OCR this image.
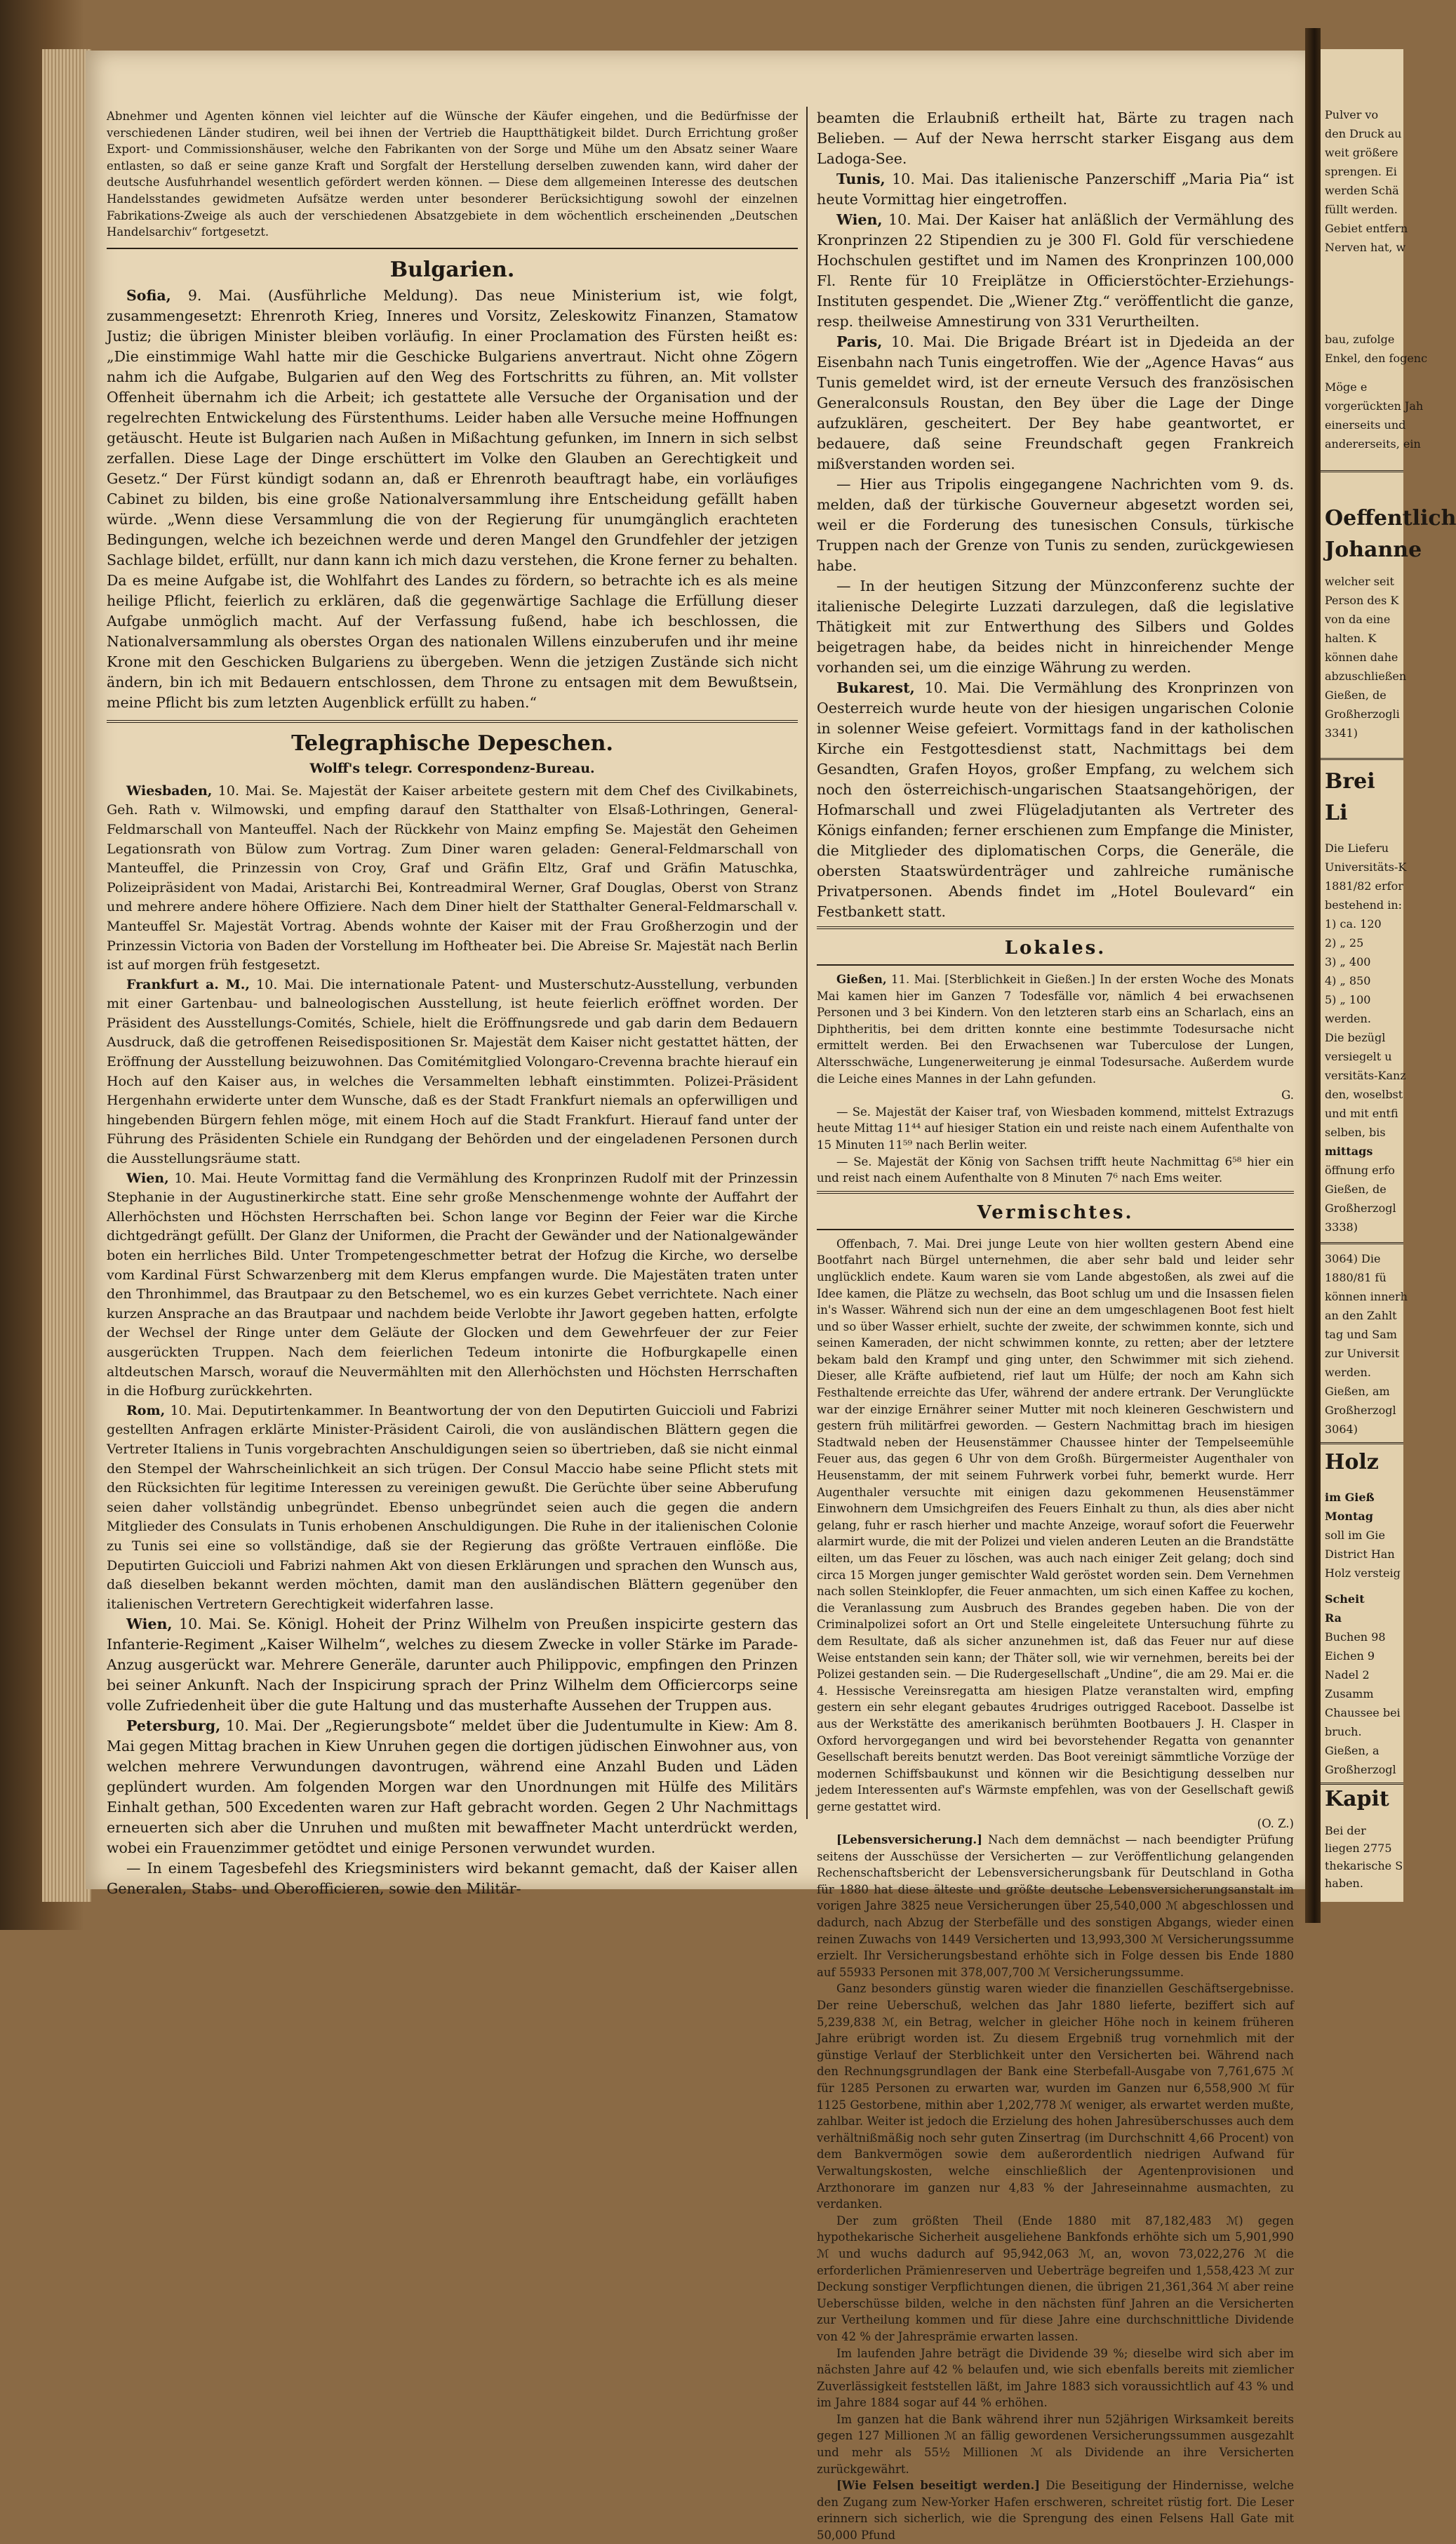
Abnehmer und Agenten können viel leichter auf die Wünsche der Käufer eingehen, und die Bedürfnisse der verschiedenen Länder studiren, weil bei ihnen der Vertrieb die Hauptthätigkeit bildet. Durch Errichtung großer Export- und Commissionshäuser, welche den Fabrikanten von der Sorge und Mühe um den Absatz seiner Waare entlasten, so daß er seine ganze Kraft und Sorgfalt der Herstellung derselben zuwenden kann, wird daher der deutsche Ausfuhrhandel wesentlich gefördert werden können. — Diese dem allgemeinen Interesse des deutschen Handelsstandes gewidmeten Aufsätze werden unter besonderer Berücksichtigung sowohl der einzelnen Fabrikations-Zweige als auch der verschiedenen Absatzgebiete in dem wöchentlich erscheinenden „Deutschen Handelsarchiv“ fortgesetzt.

Bulgarien.

Sofia, 9. Mai. (Ausführliche Meldung). Das neue Ministerium ist, wie folgt, zusammengesetzt: Ehrenroth Krieg, Inneres und Vorsitz, Zeleskowitz Finanzen, Stamatow Justiz; die übrigen Minister bleiben vorläufig. In einer Proclamation des Fürsten heißt es: „Die einstimmige Wahl hatte mir die Geschicke Bulgariens anvertraut. Nicht ohne Zögern nahm ich die Aufgabe, Bulgarien auf den Weg des Fortschritts zu führen, an. Mit vollster Offenheit übernahm ich die Arbeit; ich gestattete alle Versuche der Organisation und der regelrechten Entwickelung des Fürstenthums. Leider haben alle Versuche meine Hoffnungen getäuscht. Heute ist Bulgarien nach Außen in Mißachtung gefunken, im Innern in sich selbst zerfallen. Diese Lage der Dinge erschüttert im Volke den Glauben an Gerechtigkeit und Gesetz.“ Der Fürst kündigt sodann an, daß er Ehrenroth beauftragt habe, ein vorläufiges Cabinet zu bilden, bis eine große Nationalversammlung ihre Entscheidung gefällt haben würde. „Wenn diese Versammlung die von der Regierung für unumgänglich erachteten Bedingungen, welche ich bezeichnen werde und deren Mangel den Grundfehler der jetzigen Sachlage bildet, erfüllt, nur dann kann ich mich dazu verstehen, die Krone ferner zu behalten. Da es meine Aufgabe ist, die Wohlfahrt des Landes zu fördern, so betrachte ich es als meine heilige Pflicht, feierlich zu erklären, daß die gegenwärtige Sachlage die Erfüllung dieser Aufgabe unmöglich macht. Auf der Verfassung fußend, habe ich beschlossen, die Nationalversammlung als oberstes Organ des nationalen Willens einzuberufen und ihr meine Krone mit den Geschicken Bulgariens zu übergeben. Wenn die jetzigen Zustände sich nicht ändern, bin ich mit Bedauern entschlossen, dem Throne zu entsagen mit dem Bewußtsein, meine Pflicht bis zum letzten Augenblick erfüllt zu haben.“

Telegraphische Depeschen.
Wolff's telegr. Correspondenz-Bureau.

Wiesbaden, 10. Mai. Se. Majestät der Kaiser arbeitete gestern mit dem Chef des Civilkabinets, Geh. Rath v. Wilmowski, und empfing darauf den Statthalter von Elsaß-Lothringen, General-Feldmarschall von Manteuffel. Nach der Rückkehr von Mainz empfing Se. Majestät den Geheimen Legationsrath von Bülow zum Vortrag. Zum Diner waren geladen: General-Feldmarschall von Manteuffel, die Prinzessin von Croy, Graf und Gräfin Eltz, Graf und Gräfin Matuschka, Polizeipräsident von Madai, Aristarchi Bei, Kontreadmiral Werner, Graf Douglas, Oberst von Stranz und mehrere andere höhere Offiziere. Nach dem Diner hielt der Statthalter General-Feldmarschall v. Manteuffel Sr. Majestät Vortrag. Abends wohnte der Kaiser mit der Frau Großherzogin und der Prinzessin Victoria von Baden der Vorstellung im Hoftheater bei. Die Abreise Sr. Majestät nach Berlin ist auf morgen früh festgesetzt.

Frankfurt a. M., 10. Mai. Die internationale Patent- und Musterschutz-Ausstellung, verbunden mit einer Gartenbau- und balneologischen Ausstellung, ist heute feierlich eröffnet worden. Der Präsident des Ausstellungs-Comités, Schiele, hielt die Eröffnungsrede und gab darin dem Bedauern Ausdruck, daß die getroffenen Reisedispositionen Sr. Majestät dem Kaiser nicht gestattet hätten, der Eröffnung der Ausstellung beizuwohnen. Das Comitémitglied Volongaro-Crevenna brachte hierauf ein Hoch auf den Kaiser aus, in welches die Versammelten lebhaft einstimmten. Polizei-Präsident Hergenhahn erwiderte unter dem Wunsche, daß es der Stadt Frankfurt niemals an opferwilligen und hingebenden Bürgern fehlen möge, mit einem Hoch auf die Stadt Frankfurt. Hierauf fand unter der Führung des Präsidenten Schiele ein Rundgang der Behörden und der eingeladenen Personen durch die Ausstellungsräume statt.

Wien, 10. Mai. Heute Vormittag fand die Vermählung des Kronprinzen Rudolf mit der Prinzessin Stephanie in der Augustinerkirche statt. Eine sehr große Menschenmenge wohnte der Auffahrt der Allerhöchsten und Höchsten Herrschaften bei. Schon lange vor Beginn der Feier war die Kirche dichtgedrängt gefüllt. Der Glanz der Uniformen, die Pracht der Gewänder und der Nationalgewänder boten ein herrliches Bild. Unter Trompetengeschmetter betrat der Hofzug die Kirche, wo derselbe vom Kardinal Fürst Schwarzenberg mit dem Klerus empfangen wurde. Die Majestäten traten unter den Thronhimmel, das Brautpaar zu den Betschemel, wo es ein kurzes Gebet verrichtete. Nach einer kurzen Ansprache an das Brautpaar und nachdem beide Verlobte ihr Jawort gegeben hatten, erfolgte der Wechsel der Ringe unter dem Geläute der Glocken und dem Gewehrfeuer der zur Feier ausgerückten Truppen. Nach dem feierlichen Tedeum intonirte die Hofburgkapelle einen altdeutschen Marsch, worauf die Neuvermählten mit den Allerhöchsten und Höchsten Herrschaften in die Hofburg zurückkehrten.

Rom, 10. Mai. Deputirtenkammer. In Beantwortung der von den Deputirten Guiccioli und Fabrizi gestellten Anfragen erklärte Minister-Präsident Cairoli, die von ausländischen Blättern gegen die Vertreter Italiens in Tunis vorgebrachten Anschuldigungen seien so übertrieben, daß sie nicht einmal den Stempel der Wahrscheinlichkeit an sich trügen. Der Consul Maccio habe seine Pflicht stets mit den Rücksichten für legitime Interessen zu vereinigen gewußt. Die Gerüchte über seine Abberufung seien daher vollständig unbegründet. Ebenso unbegründet seien auch die gegen die andern Mitglieder des Consulats in Tunis erhobenen Anschuldigungen. Die Ruhe in der italienischen Colonie zu Tunis sei eine so vollständige, daß sie der Regierung das größte Vertrauen einflöße. Die Deputirten Guiccioli und Fabrizi nahmen Akt von diesen Erklärungen und sprachen den Wunsch aus, daß dieselben bekannt werden möchten, damit man den ausländischen Blättern gegenüber den italienischen Vertretern Gerechtigkeit widerfahren lasse.

Wien, 10. Mai. Se. Königl. Hoheit der Prinz Wilhelm von Preußen inspicirte gestern das Infanterie-Regiment „Kaiser Wilhelm“, welches zu diesem Zwecke in voller Stärke im Parade-Anzug ausgerückt war. Mehrere Generäle, darunter auch Philippovic, empfingen den Prinzen bei seiner Ankunft. Nach der Inspicirung sprach der Prinz Wilhelm dem Officiercorps seine volle Zufriedenheit über die gute Haltung und das musterhafte Aussehen der Truppen aus.

Petersburg, 10. Mai. Der „Regierungsbote“ meldet über die Judentumulte in Kiew: Am 8. Mai gegen Mittag brachen in Kiew Unruhen gegen die dortigen jüdischen Einwohner aus, von welchen mehrere Verwundungen davontrugen, während eine Anzahl Buden und Läden geplündert wurden. Am folgenden Morgen war den Unordnungen mit Hülfe des Militärs Einhalt gethan, 500 Excedenten waren zur Haft gebracht worden. Gegen 2 Uhr Nachmittags erneuerten sich aber die Unruhen und mußten mit bewaffneter Macht unterdrückt werden, wobei ein Frauenzimmer getödtet und einige Personen verwundet wurden.

— In einem Tagesbefehl des Kriegsministers wird bekannt gemacht, daß der Kaiser allen Generalen, Stabs- und Oberofficieren, sowie den Militär-

beamten die Erlaubniß ertheilt hat, Bärte zu tragen nach Belieben. — Auf der Newa herrscht starker Eisgang aus dem Ladoga-See.

Tunis, 10. Mai. Das italienische Panzerschiff „Maria Pia“ ist heute Vormittag hier eingetroffen.

Wien, 10. Mai. Der Kaiser hat anläßlich der Vermählung des Kronprinzen 22 Stipendien zu je 300 Fl. Gold für verschiedene Hochschulen gestiftet und im Namen des Kronprinzen 100,000 Fl. Rente für 10 Freiplätze in Officierstöchter-Erziehungs-Instituten gespendet. Die „Wiener Ztg.“ veröffentlicht die ganze, resp. theilweise Amnestirung von 331 Verurtheilten.

Paris, 10. Mai. Die Brigade Bréart ist in Djedeida an der Eisenbahn nach Tunis eingetroffen. Wie der „Agence Havas“ aus Tunis gemeldet wird, ist der erneute Versuch des französischen Generalconsuls Roustan, den Bey über die Lage der Dinge aufzuklären, gescheitert. Der Bey habe geantwortet, er bedauere, daß seine Freundschaft gegen Frankreich mißverstanden worden sei.

— Hier aus Tripolis eingegangene Nachrichten vom 9. ds. melden, daß der türkische Gouverneur abgesetzt worden sei, weil er die Forderung des tunesischen Consuls, türkische Truppen nach der Grenze von Tunis zu senden, zurückgewiesen habe.

— In der heutigen Sitzung der Münzconferenz suchte der italienische Delegirte Luzzati darzulegen, daß die legislative Thätigkeit mit zur Entwerthung des Silbers und Goldes beigetragen habe, da beides nicht in hinreichender Menge vorhanden sei, um die einzige Währung zu werden.

Bukarest, 10. Mai. Die Vermählung des Kronprinzen von Oesterreich wurde heute von der hiesigen ungarischen Colonie in solenner Weise gefeiert. Vormittags fand in der katholischen Kirche ein Festgottesdienst statt, Nachmittags bei dem Gesandten, Grafen Hoyos, großer Empfang, zu welchem sich noch den österreichisch-ungarischen Staatsangehörigen, der Hofmarschall und zwei Flügeladjutanten als Vertreter des Königs einfanden; ferner erschienen zum Empfange die Minister, die Mitglieder des diplomatischen Corps, die Generäle, die obersten Staatswürdenträger und zahlreiche rumänische Privatpersonen. Abends findet im „Hotel Boulevard“ ein Festbankett statt.

Lokales.

Gießen, 11. Mai. [Sterblichkeit in Gießen.] In der ersten Woche des Monats Mai kamen hier im Ganzen 7 Todesfälle vor, nämlich 4 bei erwachsenen Personen und 3 bei Kindern. Von den letzteren starb eins an Scharlach, eins an Diphtheritis, bei dem dritten konnte eine bestimmte Todesursache nicht ermittelt werden. Bei den Erwachsenen war Tuberculose der Lungen, Altersschwäche, Lungenerweiterung je einmal Todesursache. Außerdem wurde die Leiche eines Mannes in der Lahn gefunden.

G.

— Se. Majestät der Kaiser traf, von Wiesbaden kommend, mittelst Extrazugs heute Mittag 11⁴⁴ auf hiesiger Station ein und reiste nach einem Aufenthalte von 15 Minuten 11⁵⁹ nach Berlin weiter.

— Se. Majestät der König von Sachsen trifft heute Nachmittag 6⁵⁸ hier ein und reist nach einem Aufenthalte von 8 Minuten 7⁶ nach Ems weiter.

Vermischtes.

Offenbach, 7. Mai. Drei junge Leute von hier wollten gestern Abend eine Bootfahrt nach Bürgel unternehmen, die aber sehr bald und leider sehr unglücklich endete. Kaum waren sie vom Lande abgestoßen, als zwei auf die Idee kamen, die Plätze zu wechseln, das Boot schlug um und die Insassen fielen in's Wasser. Während sich nun der eine an dem umgeschlagenen Boot fest hielt und so über Wasser erhielt, suchte der zweite, der schwimmen konnte, sich und seinen Kameraden, der nicht schwimmen konnte, zu retten; aber der letztere bekam bald den Krampf und ging unter, den Schwimmer mit sich ziehend. Dieser, alle Kräfte aufbietend, rief laut um Hülfe; der noch am Kahn sich Festhaltende erreichte das Ufer, während der andere ertrank. Der Verunglückte war der einzige Ernährer seiner Mutter mit noch kleineren Geschwistern und gestern früh militärfrei geworden. — Gestern Nachmittag brach im hiesigen Stadtwald neben der Heusenstämmer Chaussee hinter der Tempelseemühle Feuer aus, das gegen 6 Uhr von dem Großh. Bürgermeister Augenthaler von Heusenstamm, der mit seinem Fuhrwerk vorbei fuhr, bemerkt wurde. Herr Augenthaler versuchte mit einigen dazu gekommenen Heusenstämmer Einwohnern dem Umsichgreifen des Feuers Einhalt zu thun, als dies aber nicht gelang, fuhr er rasch hierher und machte Anzeige, worauf sofort die Feuerwehr alarmirt wurde, die mit der Polizei und vielen anderen Leuten an die Brandstätte eilten, um das Feuer zu löschen, was auch nach einiger Zeit gelang; doch sind circa 15 Morgen junger gemischter Wald geröstet worden sein. Dem Vernehmen nach sollen Steinklopfer, die Feuer anmachten, um sich einen Kaffee zu kochen, die Veranlassung zum Ausbruch des Brandes gegeben haben. Die von der Criminalpolizei sofort an Ort und Stelle eingeleitete Untersuchung führte zu dem Resultate, daß als sicher anzunehmen ist, daß das Feuer nur auf diese Weise entstanden sein kann; der Thäter soll, wie wir vernehmen, bereits bei der Polizei gestanden sein. — Die Rudergesellschaft „Undine“, die am 29. Mai er. die 4. Hessische Vereinsregatta am hiesigen Platze veranstalten wird, empfing gestern ein sehr elegant gebautes 4rudriges outrigged Raceboot. Dasselbe ist aus der Werkstätte des amerikanisch berühmten Bootbauers J. H. Clasper in Oxford hervorgegangen und wird bei bevorstehender Regatta von genannter Gesellschaft bereits benutzt werden. Das Boot vereinigt sämmtliche Vorzüge der modernen Schiffsbaukunst und können wir die Besichtigung desselben nur jedem Interessenten auf's Wärmste empfehlen, was von der Gesellschaft gewiß gerne gestattet wird.

(O. Z.)

[Lebensversicherung.] Nach dem demnächst — nach beendigter Prüfung seitens der Ausschüsse der Versicherten — zur Veröffentlichung gelangenden Rechenschaftsbericht der Lebensversicherungsbank für Deutschland in Gotha für 1880 hat diese älteste und größte deutsche Lebensversicherungsanstalt im vorigen Jahre 3825 neue Versicherungen über 25,540,000 ℳ abgeschlossen und dadurch, nach Abzug der Sterbefälle und des sonstigen Abgangs, wieder einen reinen Zuwachs von 1449 Versicherten und 13,993,300 ℳ Versicherungssumme erzielt. Ihr Versicherungsbestand erhöhte sich in Folge dessen bis Ende 1880 auf 55933 Personen mit 378,007,700 ℳ Versicherungssumme.

Ganz besonders günstig waren wieder die finanziellen Geschäftsergebnisse. Der reine Ueberschuß, welchen das Jahr 1880 lieferte, beziffert sich auf 5,239,838 ℳ, ein Betrag, welcher in gleicher Höhe noch in keinem früheren Jahre erübrigt worden ist. Zu diesem Ergebniß trug vornehmlich mit der günstige Verlauf der Sterblichkeit unter den Versicherten bei. Während nach den Rechnungsgrundlagen der Bank eine Sterbefall-Ausgabe von 7,761,675 ℳ für 1285 Personen zu erwarten war, wurden im Ganzen nur 6,558,900 ℳ für 1125 Gestorbene, mithin aber 1,202,778 ℳ weniger, als erwartet werden mußte, zahlbar. Weiter ist jedoch die Erzielung des hohen Jahresüberschusses auch dem verhältnißmäßig noch sehr guten Zinsertrag (im Durchschnitt 4,66 Procent) von dem Bankvermögen sowie dem außerordentlich niedrigen Aufwand für Verwaltungskosten, welche einschließlich der Agentenprovisionen und Arzthonorare im ganzen nur 4,83 % der Jahreseinnahme ausmachten, zu verdanken.

Der zum größten Theil (Ende 1880 mit 87,182,483 ℳ) gegen hypothekarische Sicherheit ausgeliehene Bankfonds erhöhte sich um 5,901,990 ℳ und wuchs dadurch auf 95,942,063 ℳ, an, wovon 73,022,276 ℳ die erforderlichen Prämienreserven und Ueberträge begreifen und 1,558,423 ℳ zur Deckung sonstiger Verpflichtungen dienen, die übrigen 21,361,364 ℳ aber reine Ueberschüsse bilden, welche in den nächsten fünf Jahren an die Versicherten zur Vertheilung kommen und für diese Jahre eine durchschnittliche Dividende von 42 % der Jahresprämie erwarten lassen.

Im laufenden Jahre beträgt die Dividende 39 %; dieselbe wird sich aber im nächsten Jahre auf 42 % belaufen und, wie sich ebenfalls bereits mit ziemlicher Zuverlässigkeit feststellen läßt, im Jahre 1883 sich voraussichtlich auf 43 % und im Jahre 1884 sogar auf 44 % erhöhen.

Im ganzen hat die Bank während ihrer nun 52jährigen Wirksamkeit bereits gegen 127 Millionen ℳ an fällig gewordenen Versicherungssummen ausgezahlt und mehr als 55½ Millionen ℳ als Dividende an ihre Versicherten zurückgewährt.

[Wie Felsen beseitigt werden.] Die Beseitigung der Hindernisse, welche den Zugang zum New-Yorker Hafen erschweren, schreitet rüstig fort. Die Leser erinnern sich sicherlich, wie die Sprengung des einen Felsens Hall Gate mit 50,000 Pfund

Pulver vo
den Druck au
weit größere
sprengen. Ei
werden Schä
füllt werden.
Gebiet entfern
Nerven hat, w
bau, zufolge
Enkel, den fogenc
Möge e
vorgerückten Jah
einerseits und
andererseits, ein
Oeffentlich
Johanne
welcher seit
Person des K
von da eine
halten. K
können dahe
abzuschließen
Gießen, de
Großherzogli
3341)
Brei
Li
Die Lieferu
Universitäts-K
1881/82 erfor
bestehend in:
1) ca. 120
2) „ 25
3) „ 400
4) „ 850
5) „ 100
werden.
Die bezügl
versiegelt u
versitäts-Kanz
den, woselbst
und mit entfi
selben, bis
mittags
öffnung erfo
Gießen, de
Großherzogl
3338)
3064) Die
1880/81 fü
können innerh
an den Zahlt
tag und Sam
zur Universit
werden.
Gießen, am
Großherzogl
3064)
Holz
im Gieß
Montag
soll im Gie
District Han
Holz versteig
Scheit
Ra
Buchen 98
Eichen 9
Nadel 2
Zusamm
Chaussee bei
bruch.
Gießen, a
Großherzogl
Kapit
Bei der
liegen 2775
thekarische S
haben.
